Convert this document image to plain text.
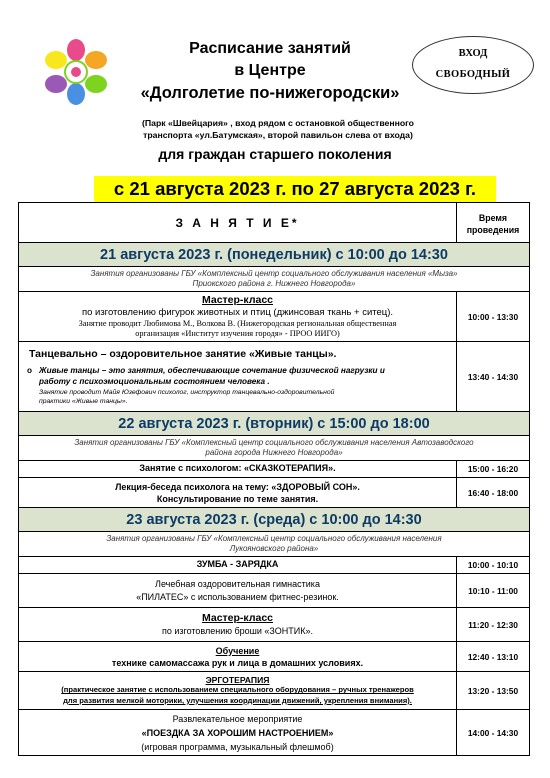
Расписание занятий
в Центре
«Долголетие по-нижегородски»
ВХОД
СВОБОДНЫЙ
(Парк «Швейцария» , вход рядом с остановкой общественного
транспорта «ул.Батумская», второй павильон слева от входа)
для граждан старшего поколения
с 21 августа 2023 г. по 27 августа 2023 г.
З А Н Я Т И Е*	Время
проведения

21 августа 2023 г. (понедельник) с 10:00 до 14:30	

Занятия организованы ГБУ «Комплексный центр социального обслуживания населения «Мыза»
Приокского района г. Нижнего Новгорода»	

Мастер-класс
по изготовлению фигурок животных и птиц (джинсовая ткань + ситец).
Занятие проводит Любимова М., Волкова В. (Нижегородская региональная общественная
организация «Институт изучения городя» - ПРОО ИИГО)	10:00 - 13:30

Танцевально – оздоровительное занятие «Живые танцы».
o Живые танцы – это занятия, обеспечивающие сочетание физической нагрузки и
работу с психоэмоциональным состоянием человека .
Занятие проводит Майя Юзефович психолог, инструктор танцевально-оздоровительной
практики «Живые танцы».	13:40 - 14:30
22 августа 2023 г. (вторник) с 15:00 до 18:00	

Занятия организованы ГБУ «Комплексный центр социального обслуживания населения Автозаводского
района города Нижнего Новгорода»	

Занятие с психологом: «СКАЗКОТЕРАПИЯ».	15:00 - 16:20

Лекция-беседа психолога на тему: «ЗДОРОВЫЙ СОН».
Консультирование по теме занятия.	16:40 - 18:00
23 августа 2023 г. (среда) с 10:00 до 14:30	

Занятия организованы ГБУ «Комплексный центр социального обслуживания населения
Лукояновского района»	

ЗУМБА - ЗАРЯДКА	10:00 - 10:10

Лечебная оздоровительная гимнастика
«ПИЛАТЕС» с использованием фитнес-резинок.	10:10 - 11:00

Мастер-класс
по изготовлению броши «ЗОНТИК».	11:20 - 12:30

Обучение
технике самомассажа рук и лица в домашних условиях.	12:40 - 13:10

ЭРГОТЕРАПИЯ
(практическое занятие с использованием специального оборудования – ручных тренажеров
для развития мелкой моторики, улучшения координации движений, укрепления внимания).	13:20 - 13:50

Развлекательное мероприятие
«ПОЕЗДКА ЗА ХОРОШИМ НАСТРОЕНИЕМ»
(игровая программа, музыкальный флешмоб)	14:00 - 14:30
